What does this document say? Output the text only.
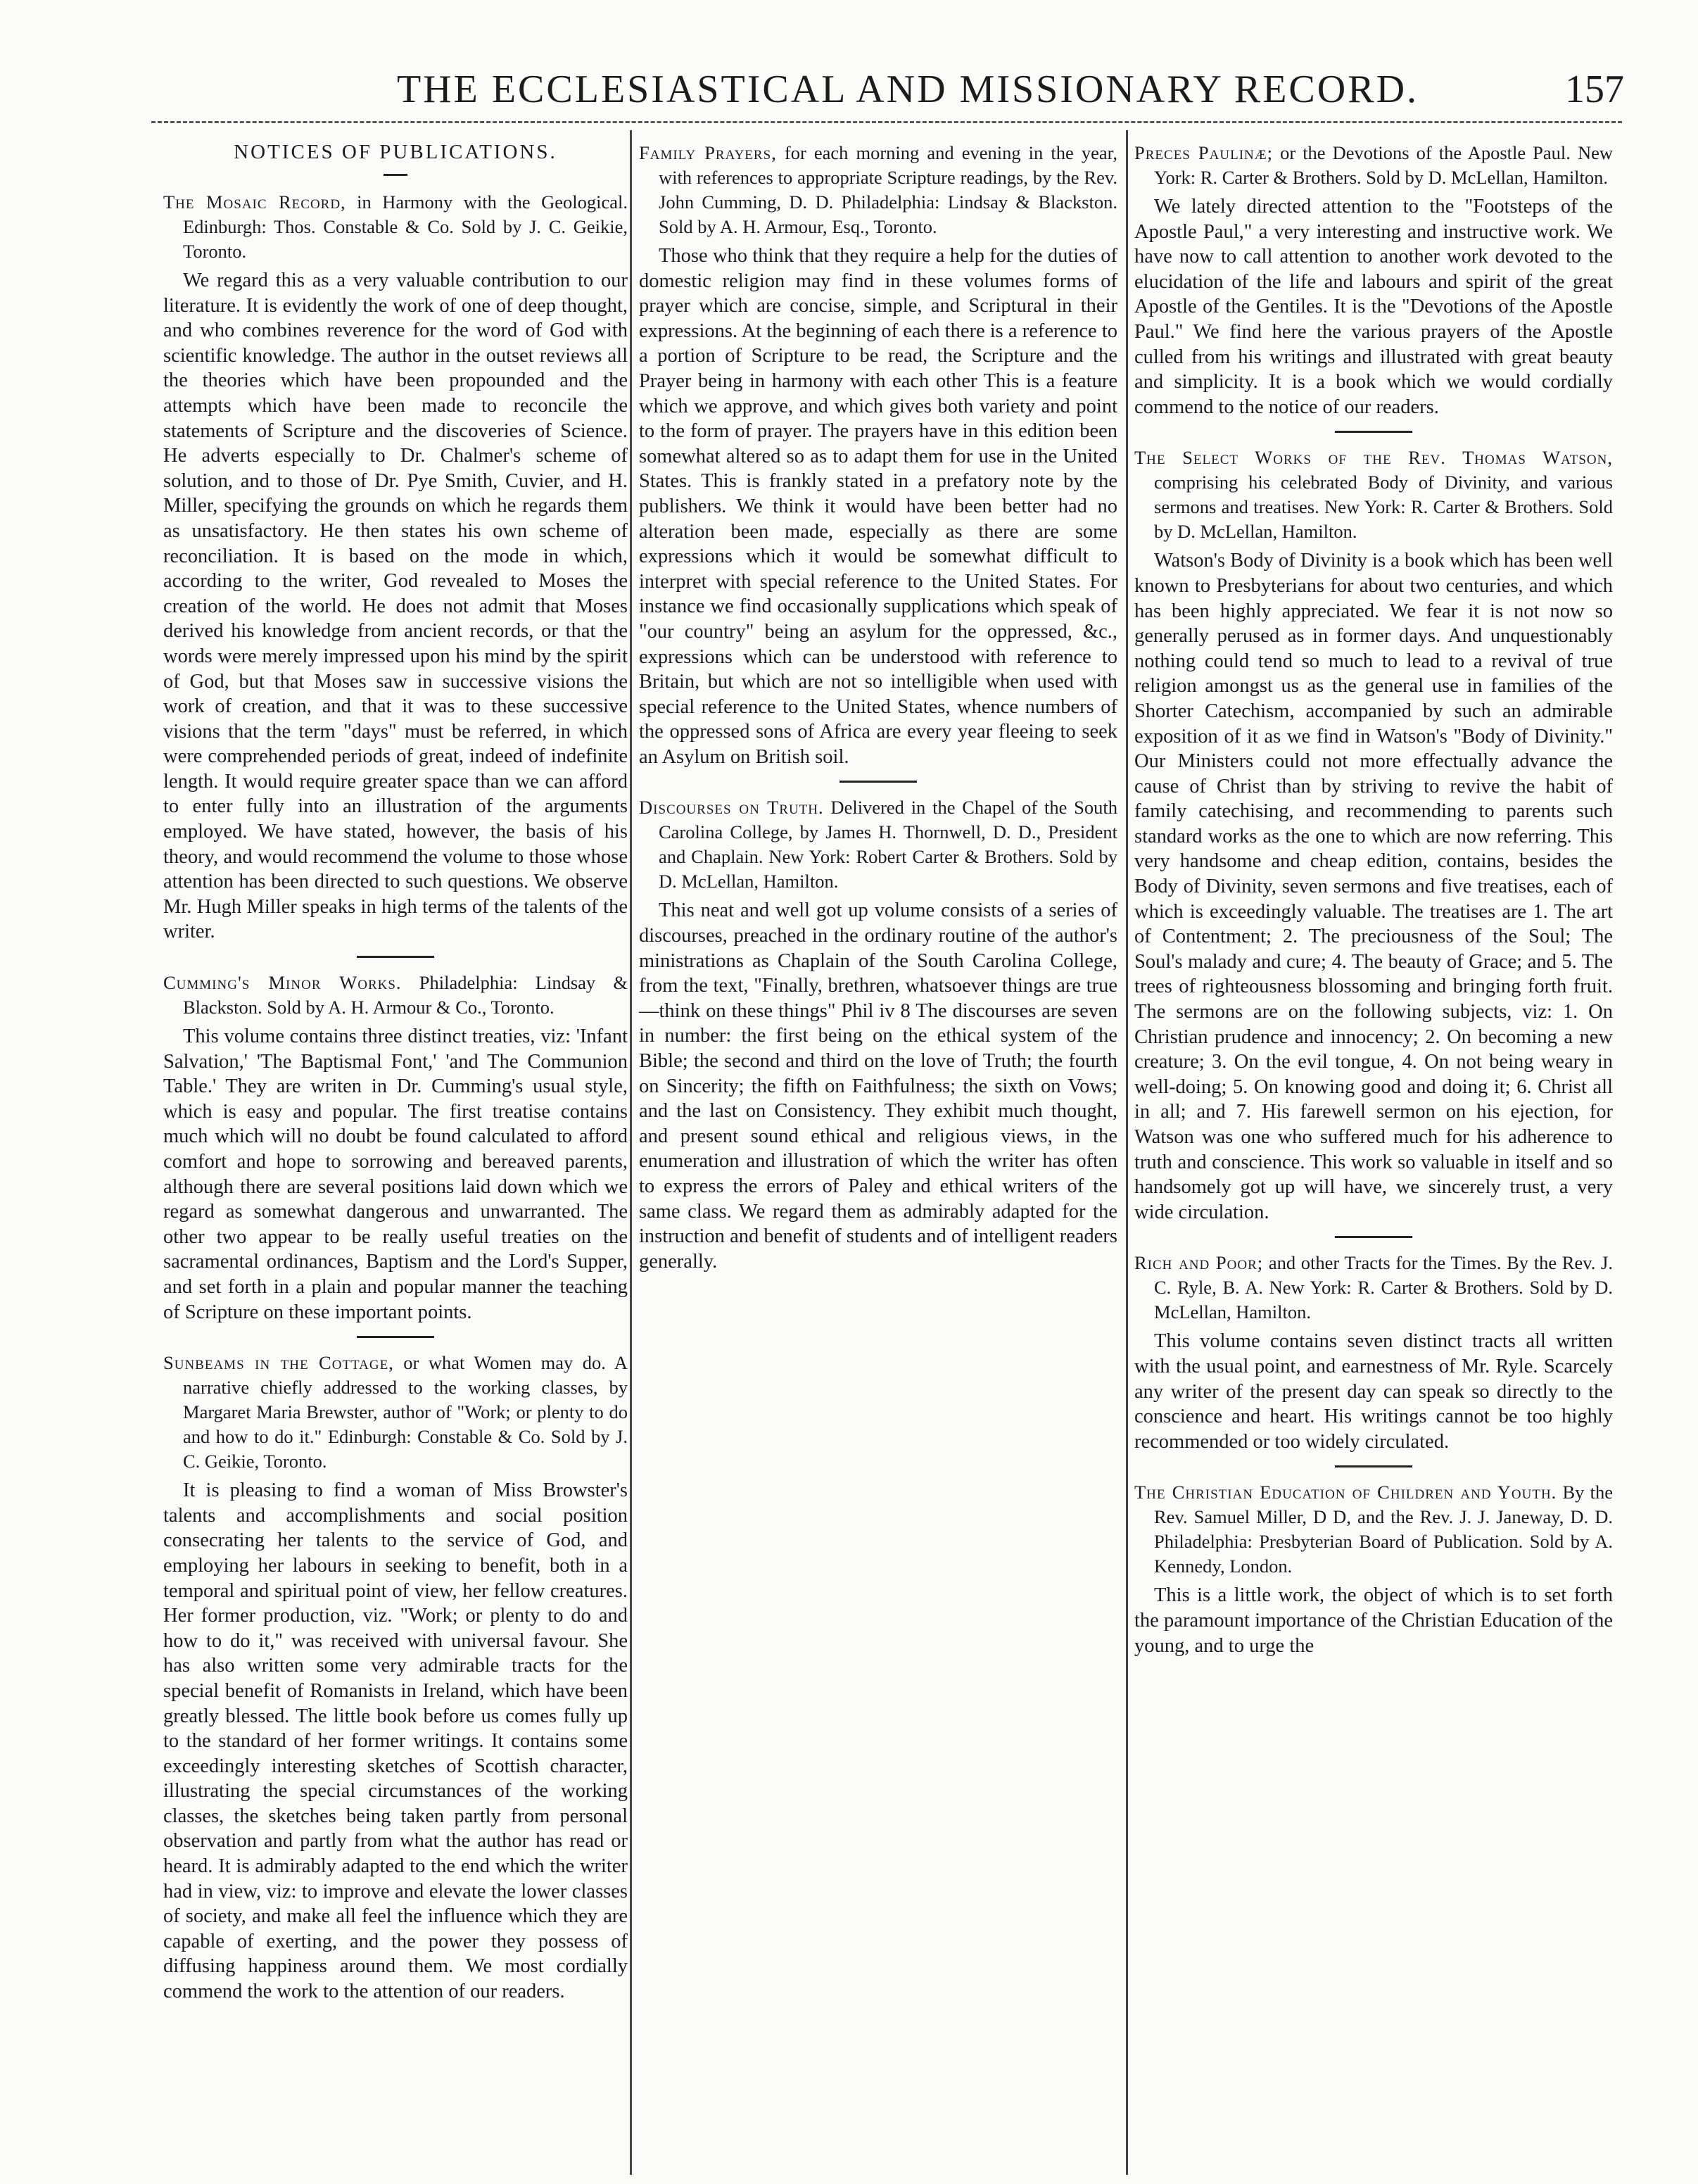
THE ECCLESIASTICAL AND MISSIONARY RECORD.	157
NOTICES OF PUBLICATIONS.

The Mosaic Record, in Harmony with the Geological. Edinburgh: Thos. Constable & Co. Sold by J. C. Geikie, Toronto.

We regard this as a very valuable contribution to our literature. It is evidently the work of one of deep thought, and who combines reverence for the word of God with scientific knowledge. The author in the outset reviews all the theories which have been propounded and the attempts which have been made to reconcile the statements of Scripture and the discoveries of Science. He adverts especially to Dr. Chalmer's scheme of solution, and to those of Dr. Pye Smith, Cuvier, and H. Miller, specifying the grounds on which he regards them as unsatisfactory. He then states his own scheme of reconciliation. It is based on the mode in which, according to the writer, God revealed to Moses the creation of the world. He does not admit that Moses derived his knowledge from ancient records, or that the words were merely impressed upon his mind by the spirit of God, but that Moses saw in successive visions the work of creation, and that it was to these successive visions that the term "days" must be referred, in which were comprehended periods of great, indeed of indefinite length. It would require greater space than we can afford to enter fully into an illustration of the arguments employed. We have stated, however, the basis of his theory, and would recommend the volume to those whose attention has been directed to such questions. We observe Mr. Hugh Miller speaks in high terms of the talents of the writer.

Cumming's Minor Works. Philadelphia: Lindsay & Blackston. Sold by A. H. Armour & Co., Toronto.

This volume contains three distinct treaties, viz: 'Infant Salvation,' 'The Baptismal Font,' 'and The Communion Table.' They are writen in Dr. Cumming's usual style, which is easy and popular. The first treatise contains much which will no doubt be found calculated to afford comfort and hope to sorrowing and bereaved parents, although there are several positions laid down which we regard as somewhat dangerous and unwarranted. The other two appear to be really useful treaties on the sacramental ordinances, Baptism and the Lord's Supper, and set forth in a plain and popular manner the teaching of Scripture on these important points.

Sunbeams in the Cottage, or what Women may do. A narrative chiefly addressed to the working classes, by Margaret Maria Brewster, author of "Work; or plenty to do and how to do it." Edinburgh: Constable & Co. Sold by J. C. Geikie, Toronto.

It is pleasing to find a woman of Miss Browster's talents and accomplishments and social position consecrating her talents to the service of God, and employing her labours in seeking to benefit, both in a temporal and spiritual point of view, her fellow creatures. Her former production, viz. "Work; or plenty to do and how to do it," was received with universal favour. She has also written some very admirable tracts for the special benefit of Romanists in Ireland, which have been greatly blessed. The little book before us comes fully up to the standard of her former writings. It contains some exceedingly interesting sketches of Scottish character, illustrating the special circumstances of the working classes, the sketches being taken partly from personal observation and partly from what the author has read or heard. It is admirably adapted to the end which the writer had in view, viz: to improve and elevate the lower classes of society, and make all feel the influence which they are capable of exerting, and the power they possess of diffusing happiness around them. We most cordially commend the work to the attention of our readers.

Family Prayers, for each morning and evening in the year, with references to appropriate Scripture readings, by the Rev. John Cumming, D. D. Philadelphia: Lindsay & Blackston. Sold by A. H. Armour, Esq., Toronto.

Those who think that they require a help for the duties of domestic religion may find in these volumes forms of prayer which are concise, simple, and Scriptural in their expressions. At the beginning of each there is a reference to a portion of Scripture to be read, the Scripture and the Prayer being in harmony with each other This is a feature which we approve, and which gives both variety and point to the form of prayer. The prayers have in this edition been somewhat altered so as to adapt them for use in the United States. This is frankly stated in a prefatory note by the publishers. We think it would have been better had no alteration been made, especially as there are some expressions which it would be somewhat difficult to interpret with special reference to the United States. For instance we find occasionally supplications which speak of "our country" being an asylum for the oppressed, &c., expressions which can be understood with reference to Britain, but which are not so intelligible when used with special reference to the United States, whence numbers of the oppressed sons of Africa are every year fleeing to seek an Asylum on British soil.

Discourses on Truth. Delivered in the Chapel of the South Carolina College, by James H. Thornwell, D. D., President and Chaplain. New York: Robert Carter & Brothers. Sold by D. McLellan, Hamilton.

This neat and well got up volume consists of a series of discourses, preached in the ordinary routine of the author's ministrations as Chaplain of the South Carolina College, from the text, "Finally, brethren, whatsoever things are true—think on these things" Phil iv 8 The discourses are seven in number: the first being on the ethical system of the Bible; the second and third on the love of Truth; the fourth on Sincerity; the fifth on Faithfulness; the sixth on Vows; and the last on Consistency. They exhibit much thought, and present sound ethical and religious views, in the enumeration and illustration of which the writer has often to express the errors of Paley and ethical writers of the same class. We regard them as admirably adapted for the instruction and benefit of students and of intelligent readers generally.

Preces Paulinæ; or the Devotions of the Apostle Paul. New York: R. Carter & Brothers. Sold by D. McLellan, Hamilton.

We lately directed attention to the "Footsteps of the Apostle Paul," a very interesting and instructive work. We have now to call attention to another work devoted to the elucidation of the life and labours and spirit of the great Apostle of the Gentiles. It is the "Devotions of the Apostle Paul." We find here the various prayers of the Apostle culled from his writings and illustrated with great beauty and simplicity. It is a book which we would cordially commend to the notice of our readers.

The Select Works of the Rev. Thomas Watson, comprising his celebrated Body of Divinity, and various sermons and treatises. New York: R. Carter & Brothers. Sold by D. McLellan, Hamilton.

Watson's Body of Divinity is a book which has been well known to Presbyterians for about two centuries, and which has been highly appreciated. We fear it is not now so generally perused as in former days. And unquestionably nothing could tend so much to lead to a revival of true religion amongst us as the general use in families of the Shorter Catechism, accompanied by such an admirable exposition of it as we find in Watson's "Body of Divinity." Our Ministers could not more effectually advance the cause of Christ than by striving to revive the habit of family catechising, and recommending to parents such standard works as the one to which are now referring. This very handsome and cheap edition, contains, besides the Body of Divinity, seven sermons and five treatises, each of which is exceedingly valuable. The treatises are 1. The art of Contentment; 2. The preciousness of the Soul; The Soul's malady and cure; 4. The beauty of Grace; and 5. The trees of righteousness blossoming and bringing forth fruit. The sermons are on the following subjects, viz: 1. On Christian prudence and innocency; 2. On becoming a new creature; 3. On the evil tongue, 4. On not being weary in well-doing; 5. On knowing good and doing it; 6. Christ all in all; and 7. His farewell sermon on his ejection, for Watson was one who suffered much for his adherence to truth and conscience. This work so valuable in itself and so handsomely got up will have, we sincerely trust, a very wide circulation.

Rich and Poor; and other Tracts for the Times. By the Rev. J. C. Ryle, B. A. New York: R. Carter & Brothers. Sold by D. McLellan, Hamilton.

This volume contains seven distinct tracts all written with the usual point, and earnestness of Mr. Ryle. Scarcely any writer of the present day can speak so directly to the conscience and heart. His writings cannot be too highly recommended or too widely circulated.

The Christian Education of Children and Youth. By the Rev. Samuel Miller, D D, and the Rev. J. J. Janeway, D. D. Philadelphia: Presbyterian Board of Publication. Sold by A. Kennedy, London.

This is a little work, the object of which is to set forth the paramount importance of the Christian Education of the young, and to urge the
